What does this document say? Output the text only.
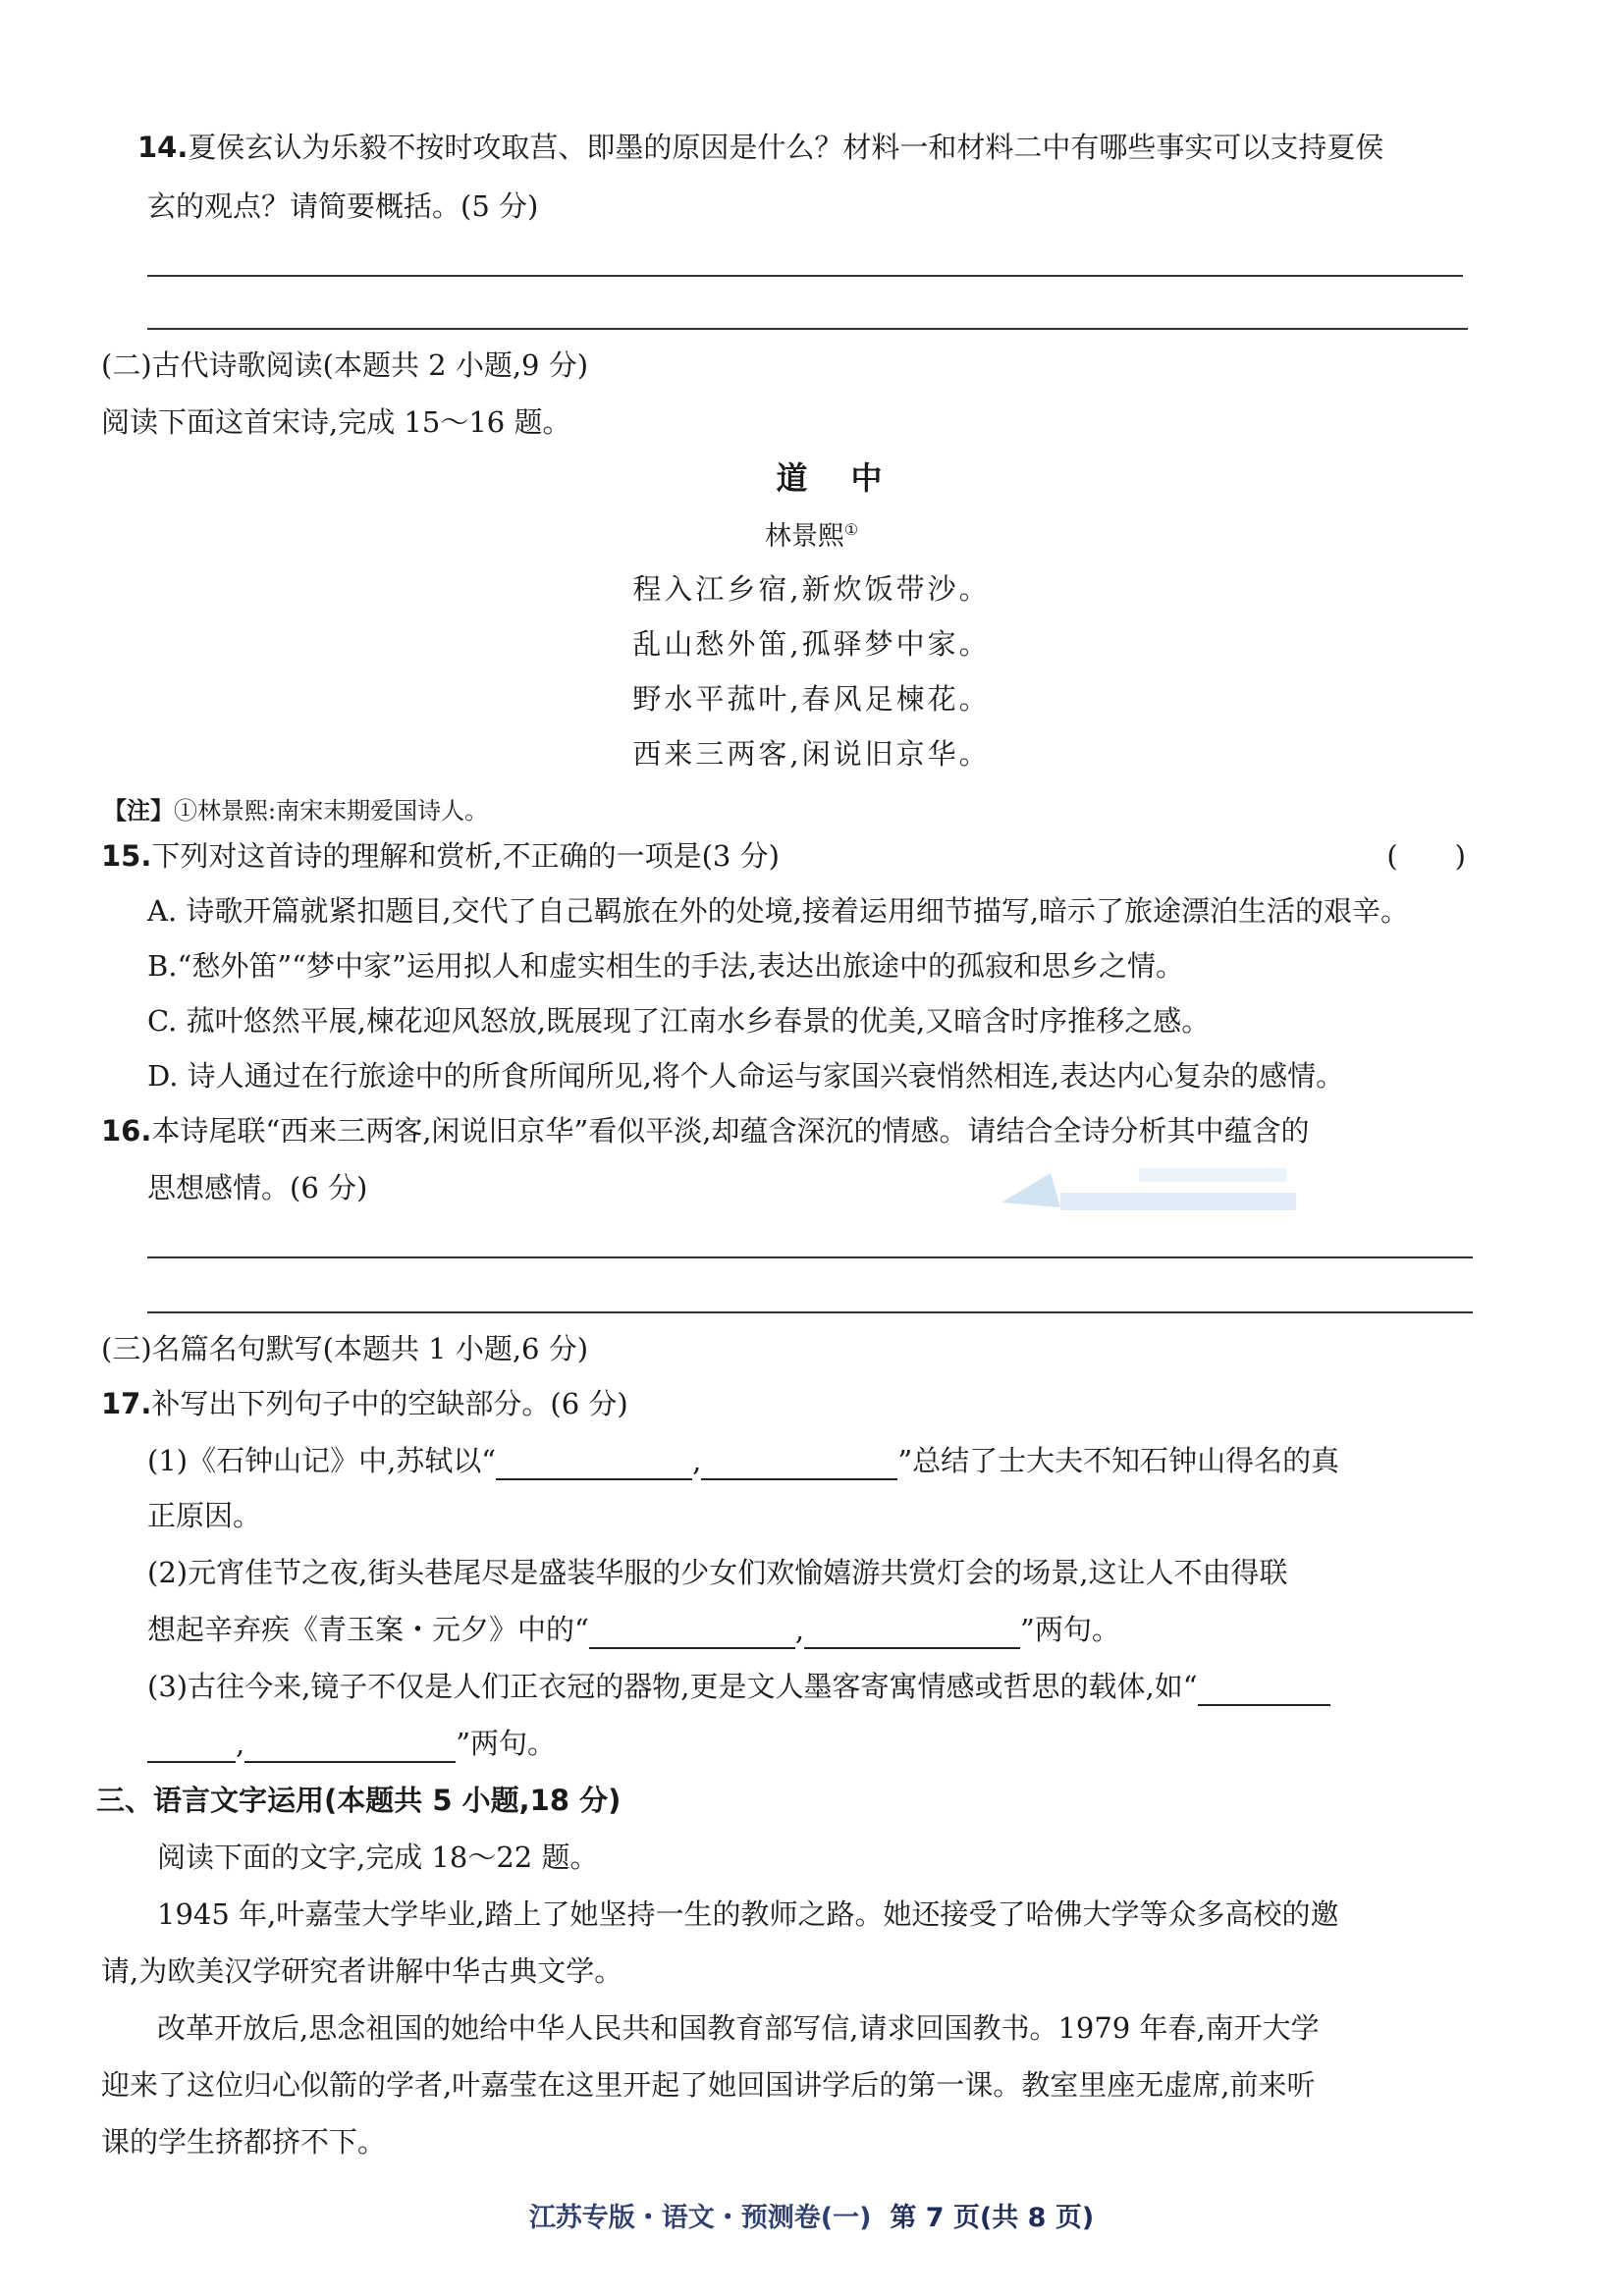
14.夏侯玄认为乐毅不按时攻取莒、即墨的原因是什么？材料一和材料二中有哪些事实可以支持夏侯
玄的观点？请简要概括。(5 分)
(二)古代诗歌阅读(本题共 2 小题,9 分)
阅读下面这首宋诗,完成 15～16 题。
道中
林景熙①
程入江乡宿,新炊饭带沙。
乱山愁外笛,孤驿梦中家。
野水平菰叶,春风足楝花。
西来三两客,闲说旧京华。
【注】①林景熙:南宋末期爱国诗人。
15.下列对这首诗的理解和赏析,不正确的一项是(3 分)	(　　)
A. 诗歌开篇就紧扣题目,交代了自己羁旅在外的处境,接着运用细节描写,暗示了旅途漂泊生活的艰辛。
B.“愁外笛”“梦中家”运用拟人和虚实相生的手法,表达出旅途中的孤寂和思乡之情。
C. 菰叶悠然平展,楝花迎风怒放,既展现了江南水乡春景的优美,又暗含时序推移之感。
D. 诗人通过在行旅途中的所食所闻所见,将个人命运与家国兴衰悄然相连,表达内心复杂的感情。
16.本诗尾联“西来三两客,闲说旧京华”看似平淡,却蕴含深沉的情感。请结合全诗分析其中蕴含的
思想感情。(6 分)
(三)名篇名句默写(本题共 1 小题,6 分)
17.补写出下列句子中的空缺部分。(6 分)
(1)《石钟山记》中,苏轼以“	,	”总结了士大夫不知石钟山得名的真
正原因。
(2)元宵佳节之夜,街头巷尾尽是盛装华服的少女们欢愉嬉游共赏灯会的场景,这让人不由得联
想起辛弃疾《青玉案・元夕》中的“	,	”两句。
(3)古往今来,镜子不仅是人们正衣冠的器物,更是文人墨客寄寓情感或哲思的载体,如“
,	”两句。
三、语言文字运用(本题共 5 小题,18 分)
阅读下面的文字,完成 18～22 题。
1945 年,叶嘉莹大学毕业,踏上了她坚持一生的教师之路。她还接受了哈佛大学等众多高校的邀
请,为欧美汉学研究者讲解中华古典文学。
改革开放后,思念祖国的她给中华人民共和国教育部写信,请求回国教书。1979 年春,南开大学
迎来了这位归心似箭的学者,叶嘉莹在这里开起了她回国讲学后的第一课。教室里座无虚席,前来听
课的学生挤都挤不下。
江苏专版・语文・预测卷(一) 第 7 页(共 8 页)
